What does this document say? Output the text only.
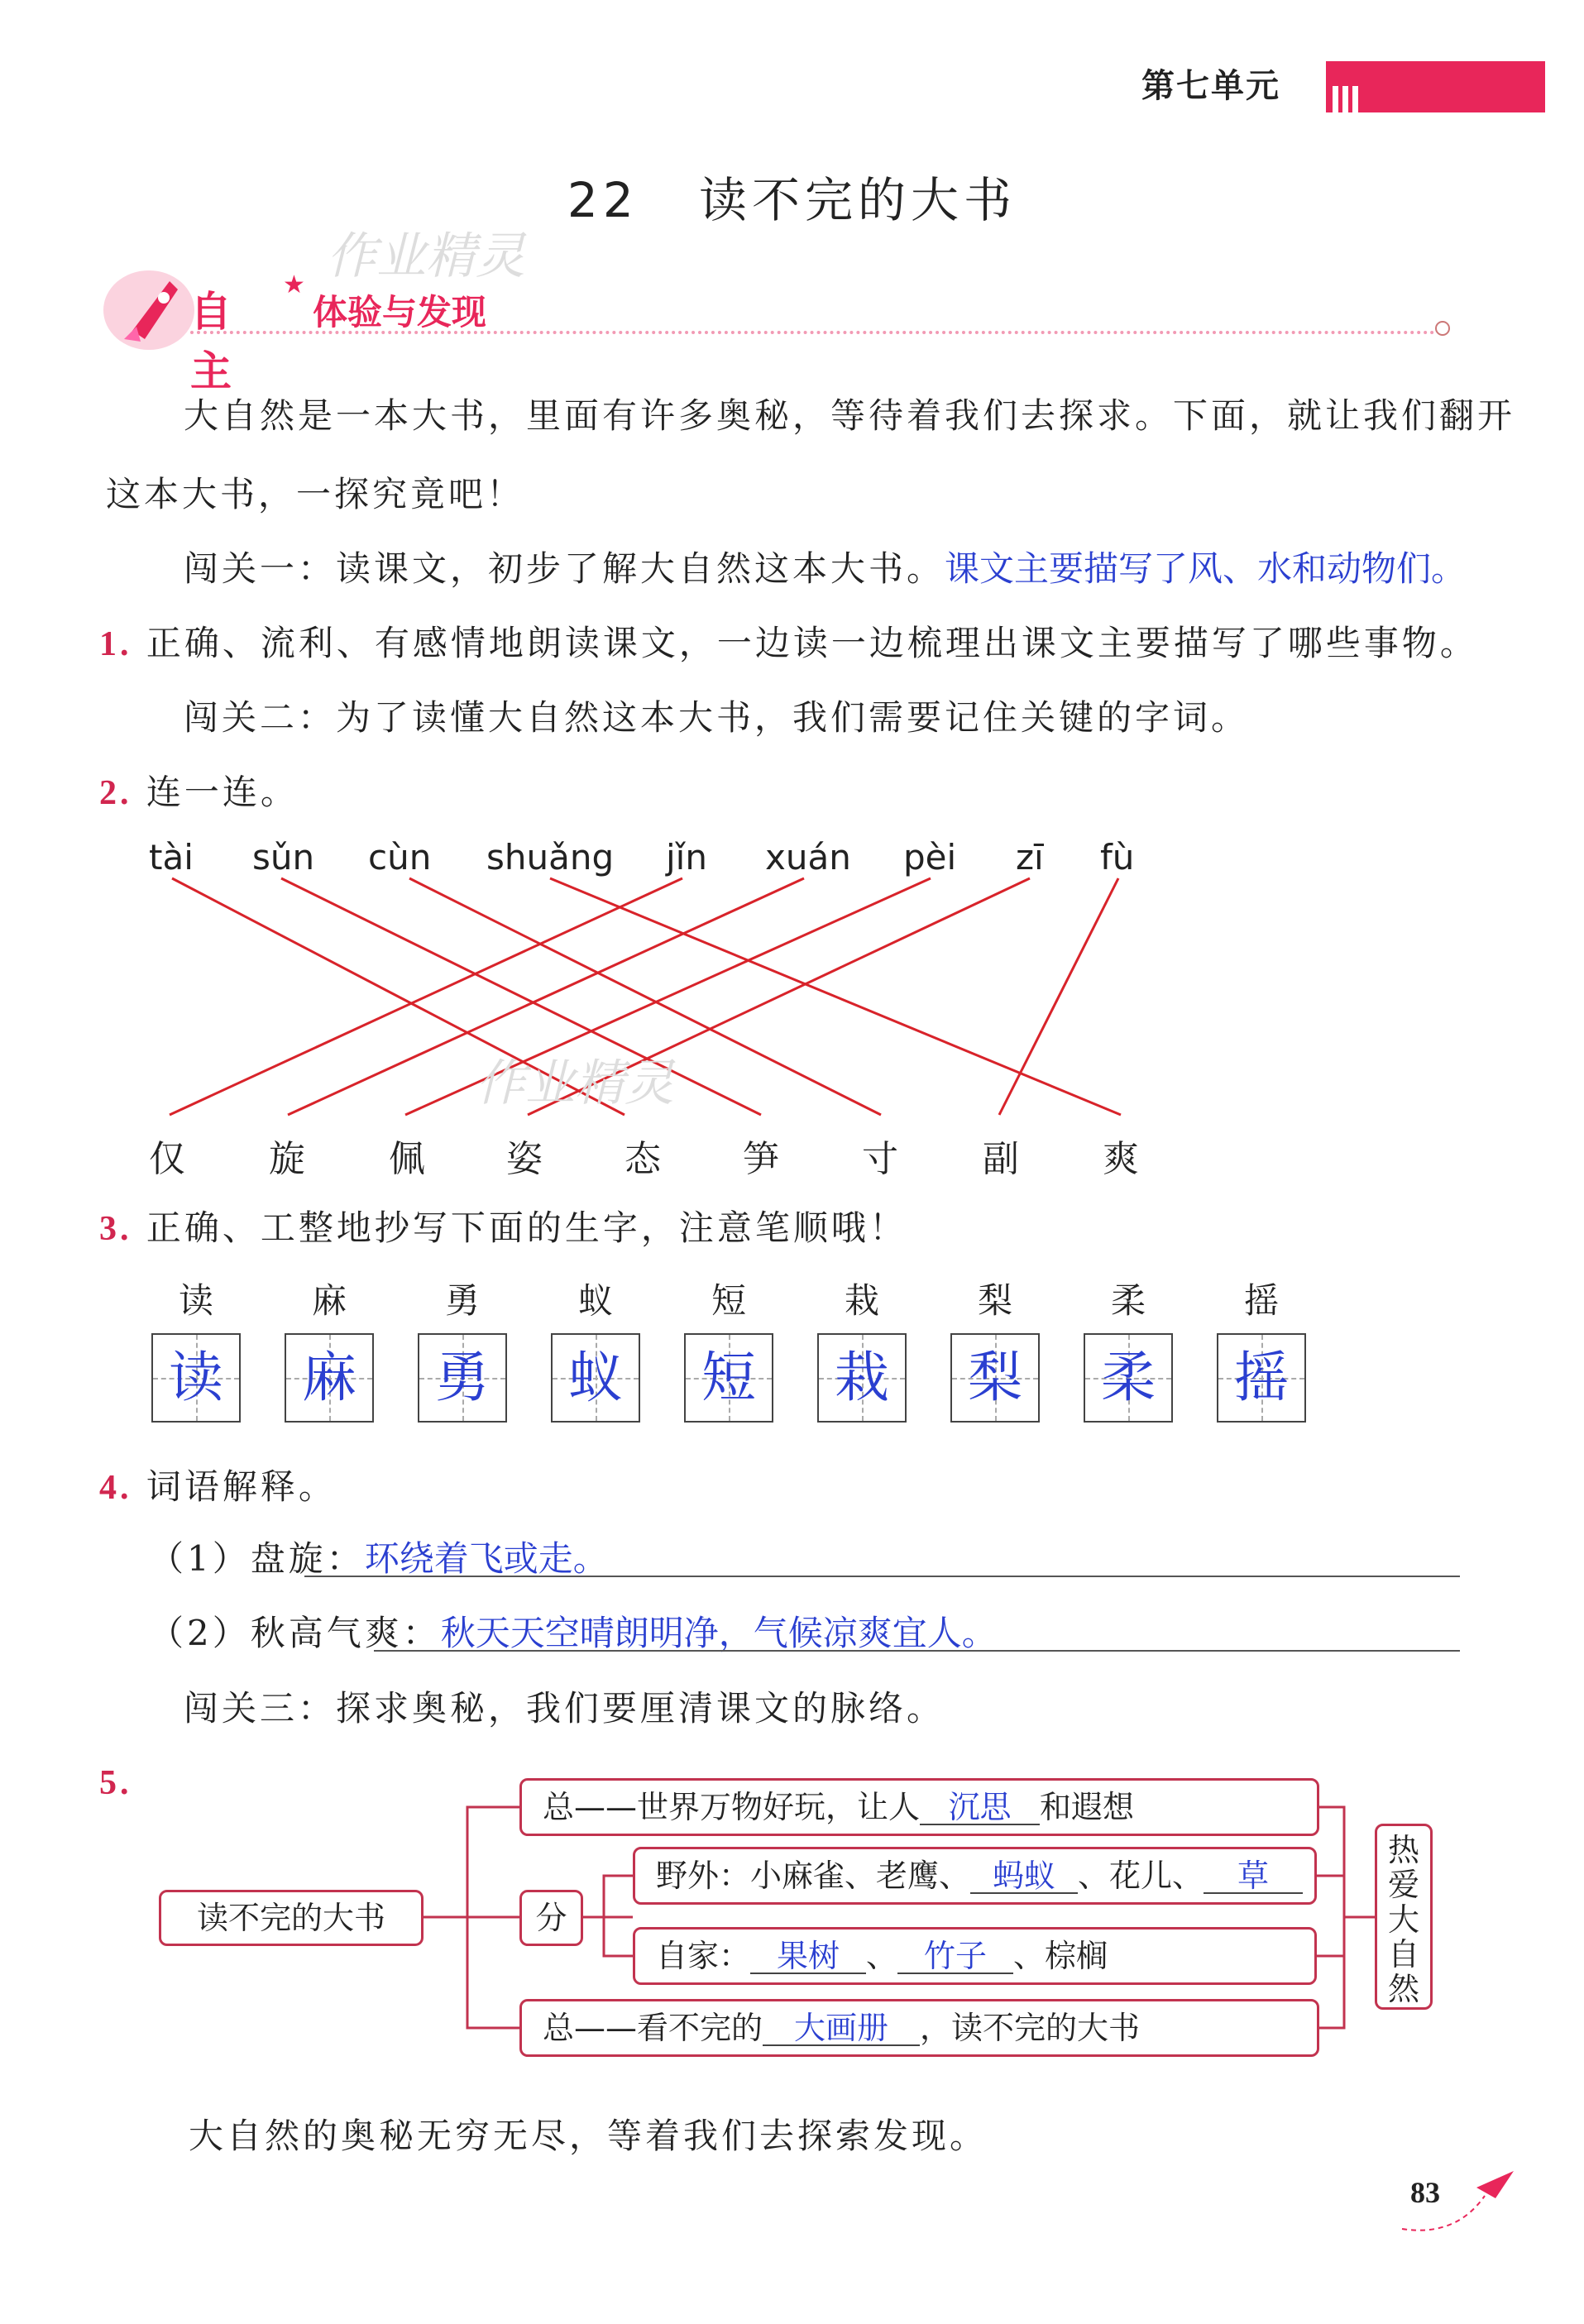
第七单元
22 读不完的大书
作业精灵
自主
★
体验与发现
大自然是一本大书，里面有许多奥秘，等待着我们去探求。下面，就让我们翻开
这本大书，一探究竟吧！
闯关一：读课文，初步了解大自然这本大书。课文主要描写了风、水和动物们。
1. 正确、流利、有感情地朗读课文，一边读一边梳理出课文主要描写了哪些事物。
闯关二：为了读懂大自然这本大书，我们需要记住关键的字词。
2. 连一连。
tài sǔn cùn shuǎng jǐn xuán pèi zī fù
作业精灵
仅 旋 佩 姿 态 笋 寸 副 爽
3. 正确、工整地抄写下面的生字，注意笔顺哦！
读	麻	勇	蚁	短	栽	梨	柔	摇
读 麻 勇 蚁 短 栽 梨 柔 摇
4. 词语解释。
（1）盘旋：环绕着飞或走。
（2）秋高气爽：秋天天空晴朗明净，气候凉爽宜人。
闯关三：探求奥秘，我们要厘清课文的脉络。
5.
读不完的大书
总——世界万物好玩，让人 沉思 和遐想
分
野外：小麻雀、老鹰、 蚂蚁 、花儿、 草
自家： 果树 、 竹子 、棕榈
总——看不完的 大画册 ，读不完的大书
热爱大自然
大自然的奥秘无穷无尽，等着我们去探索发现。
83
